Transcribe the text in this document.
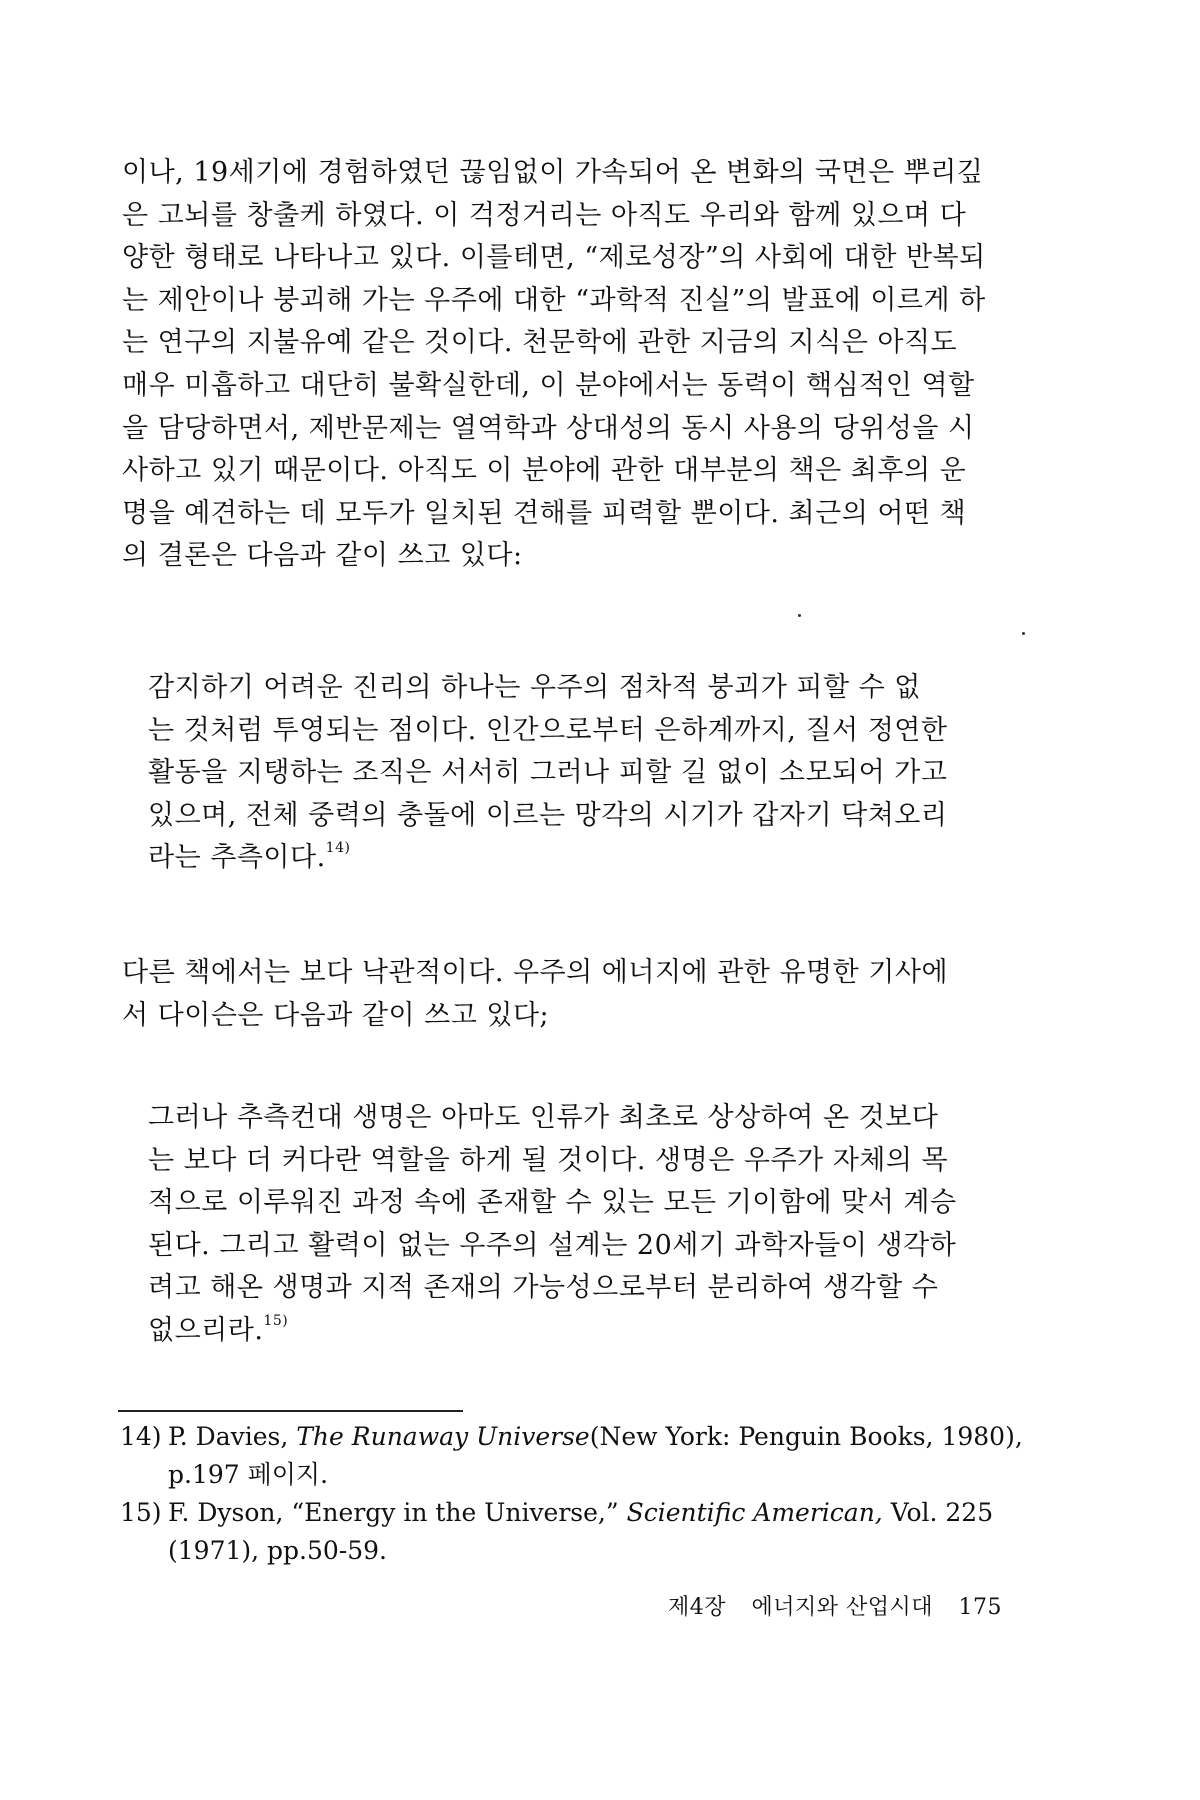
이나, 19세기에 경험하였던 끊임없이 가속되어 온 변화의 국면은 뿌리깊
은 고뇌를 창출케 하였다. 이 걱정거리는 아직도 우리와 함께 있으며 다
양한 형태로 나타나고 있다. 이를테면, “제로성장”의 사회에 대한 반복되
는 제안이나 붕괴해 가는 우주에 대한 “과학적 진실”의 발표에 이르게 하
는 연구의 지불유예 같은 것이다. 천문학에 관한 지금의 지식은 아직도
매우 미흡하고 대단히 불확실한데, 이 분야에서는 동력이 핵심적인 역할
을 담당하면서, 제반문제는 열역학과 상대성의 동시 사용의 당위성을 시
사하고 있기 때문이다. 아직도 이 분야에 관한 대부분의 책은 최후의 운
명을 예견하는 데 모두가 일치된 견해를 피력할 뿐이다. 최근의 어떤 책
의 결론은 다음과 같이 쓰고 있다:
감지하기 어려운 진리의 하나는 우주의 점차적 붕괴가 피할 수 없
는 것처럼 투영되는 점이다. 인간으로부터 은하계까지, 질서 정연한
활동을 지탱하는 조직은 서서히 그러나 피할 길 없이 소모되어 가고
있으며, 전체 중력의 충돌에 이르는 망각의 시기가 갑자기 닥쳐오리
라는 추측이다.$^{14)}$
다른 책에서는 보다 낙관적이다. 우주의 에너지에 관한 유명한 기사에
서 다이슨은 다음과 같이 쓰고 있다;
그러나 추측컨대 생명은 아마도 인류가 최초로 상상하여 온 것보다
는 보다 더 커다란 역할을 하게 될 것이다. 생명은 우주가 자체의 목
적으로 이루워진 과정 속에 존재할 수 있는 모든 기이함에 맞서 계승
된다. 그리고 활력이 없는 우주의 설계는 20세기 과학자들이 생각하
려고 해온 생명과 지적 존재의 가능성으로부터 분리하여 생각할 수
없으리라.$^{15)}$
14) P. Davies, The Runaway Universe(New York: Penguin Books, 1980),
p.197 페이지.
15) F. Dyson, “Energy in the Universe,” Scientific American, Vol. 225
(1971), pp.50-59.
제4장 에너지와 산업시대 175
